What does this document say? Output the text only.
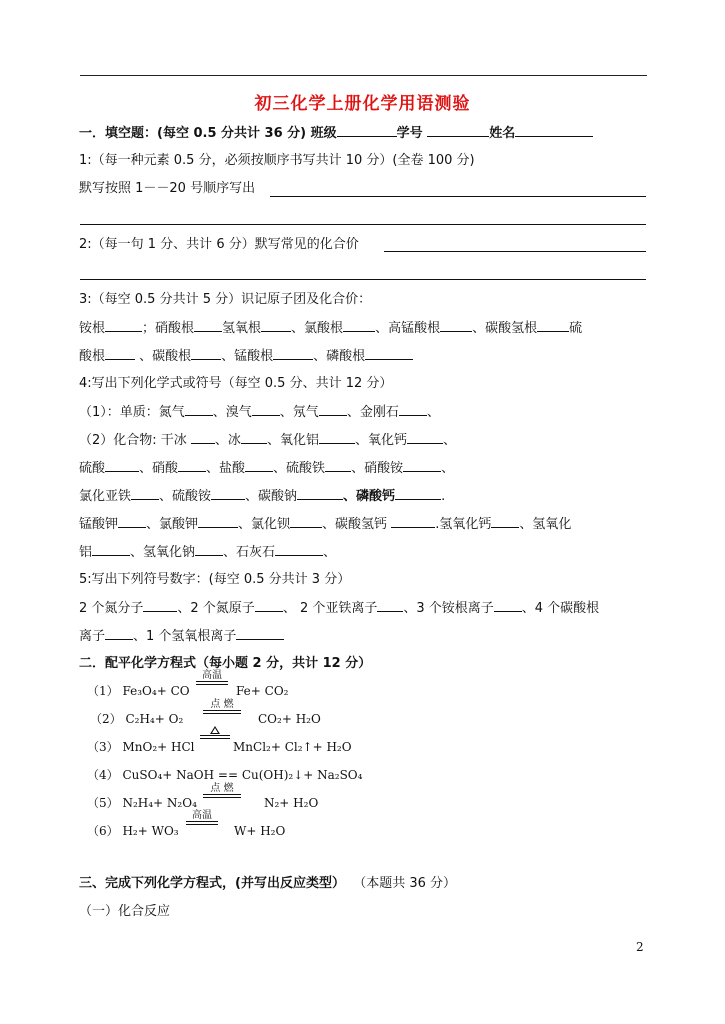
初三化学上册化学用语测验
一．填空题：(每空 0.5 分共计 36 分) 班级	学号	姓名
1:（每一种元素 0.5 分，必须按顺序书写共计 10 分）(全卷 100 分)
默写按照 1－－20 号顺序写出
2:（每一句 1 分、共计 6 分）默写常见的化合价
3:（每空 0.5 分共计 5 分）识记原子团及化合价：
铵根	；硝酸根 氢氧根 、氯酸根 、高锰酸根 、碳酸氢根 硫
酸根 、碳酸根 、锰酸根	、磷酸根
4:写出下列化学式或符号（每空 0.5 分、共计 12 分）
（1）：单质：氮气 、溴气 、氖气 、金刚石 、
（2）化合物: 干冰 、冰 、氧化铝	、氧化钙	、
硫酸	、硝酸 、盐酸 、硫酸铁 、硝酸铵	、
氯化亚铁 、硫酸铵	、碳酸钠	、磷酸钙	.
锰酸钾 、氯酸钾	、氯化钡 、碳酸氢钙	.氢氧化钙 、氢氧化
铝	、氢氧化钠 、石灰石	、
5:写出下列符号数字：(每空 0.5 分共计 3 分）
2 个氮分子	、2 个氮原子 、 2 个亚铁离子 、3 个铵根离子 、4 个碳酸根
离子 、1 个氢氧根离子
二．配平化学方程式（每小题 2 分，共计 12 分）
（1） Fe₃O₄+ CO
高温
Fe+ CO₂
（2） C₂H₄+ O₂
点 燃
CO₂+ H₂O
（3） MnO₂+ HCl	MnCl₂+ Cl₂↑+ H₂O
（4） CuSO₄+ NaOH == Cu(OH)₂↓+ Na₂SO₄
（5） N₂H₄+ N₂O₄
点 燃
N₂+ H₂O
（6） H₂+ WO₃
高温
W+ H₂O
三、完成下列化学方程式，(并写出反应类型） （本题共 36 分）
（一）化合反应
2
